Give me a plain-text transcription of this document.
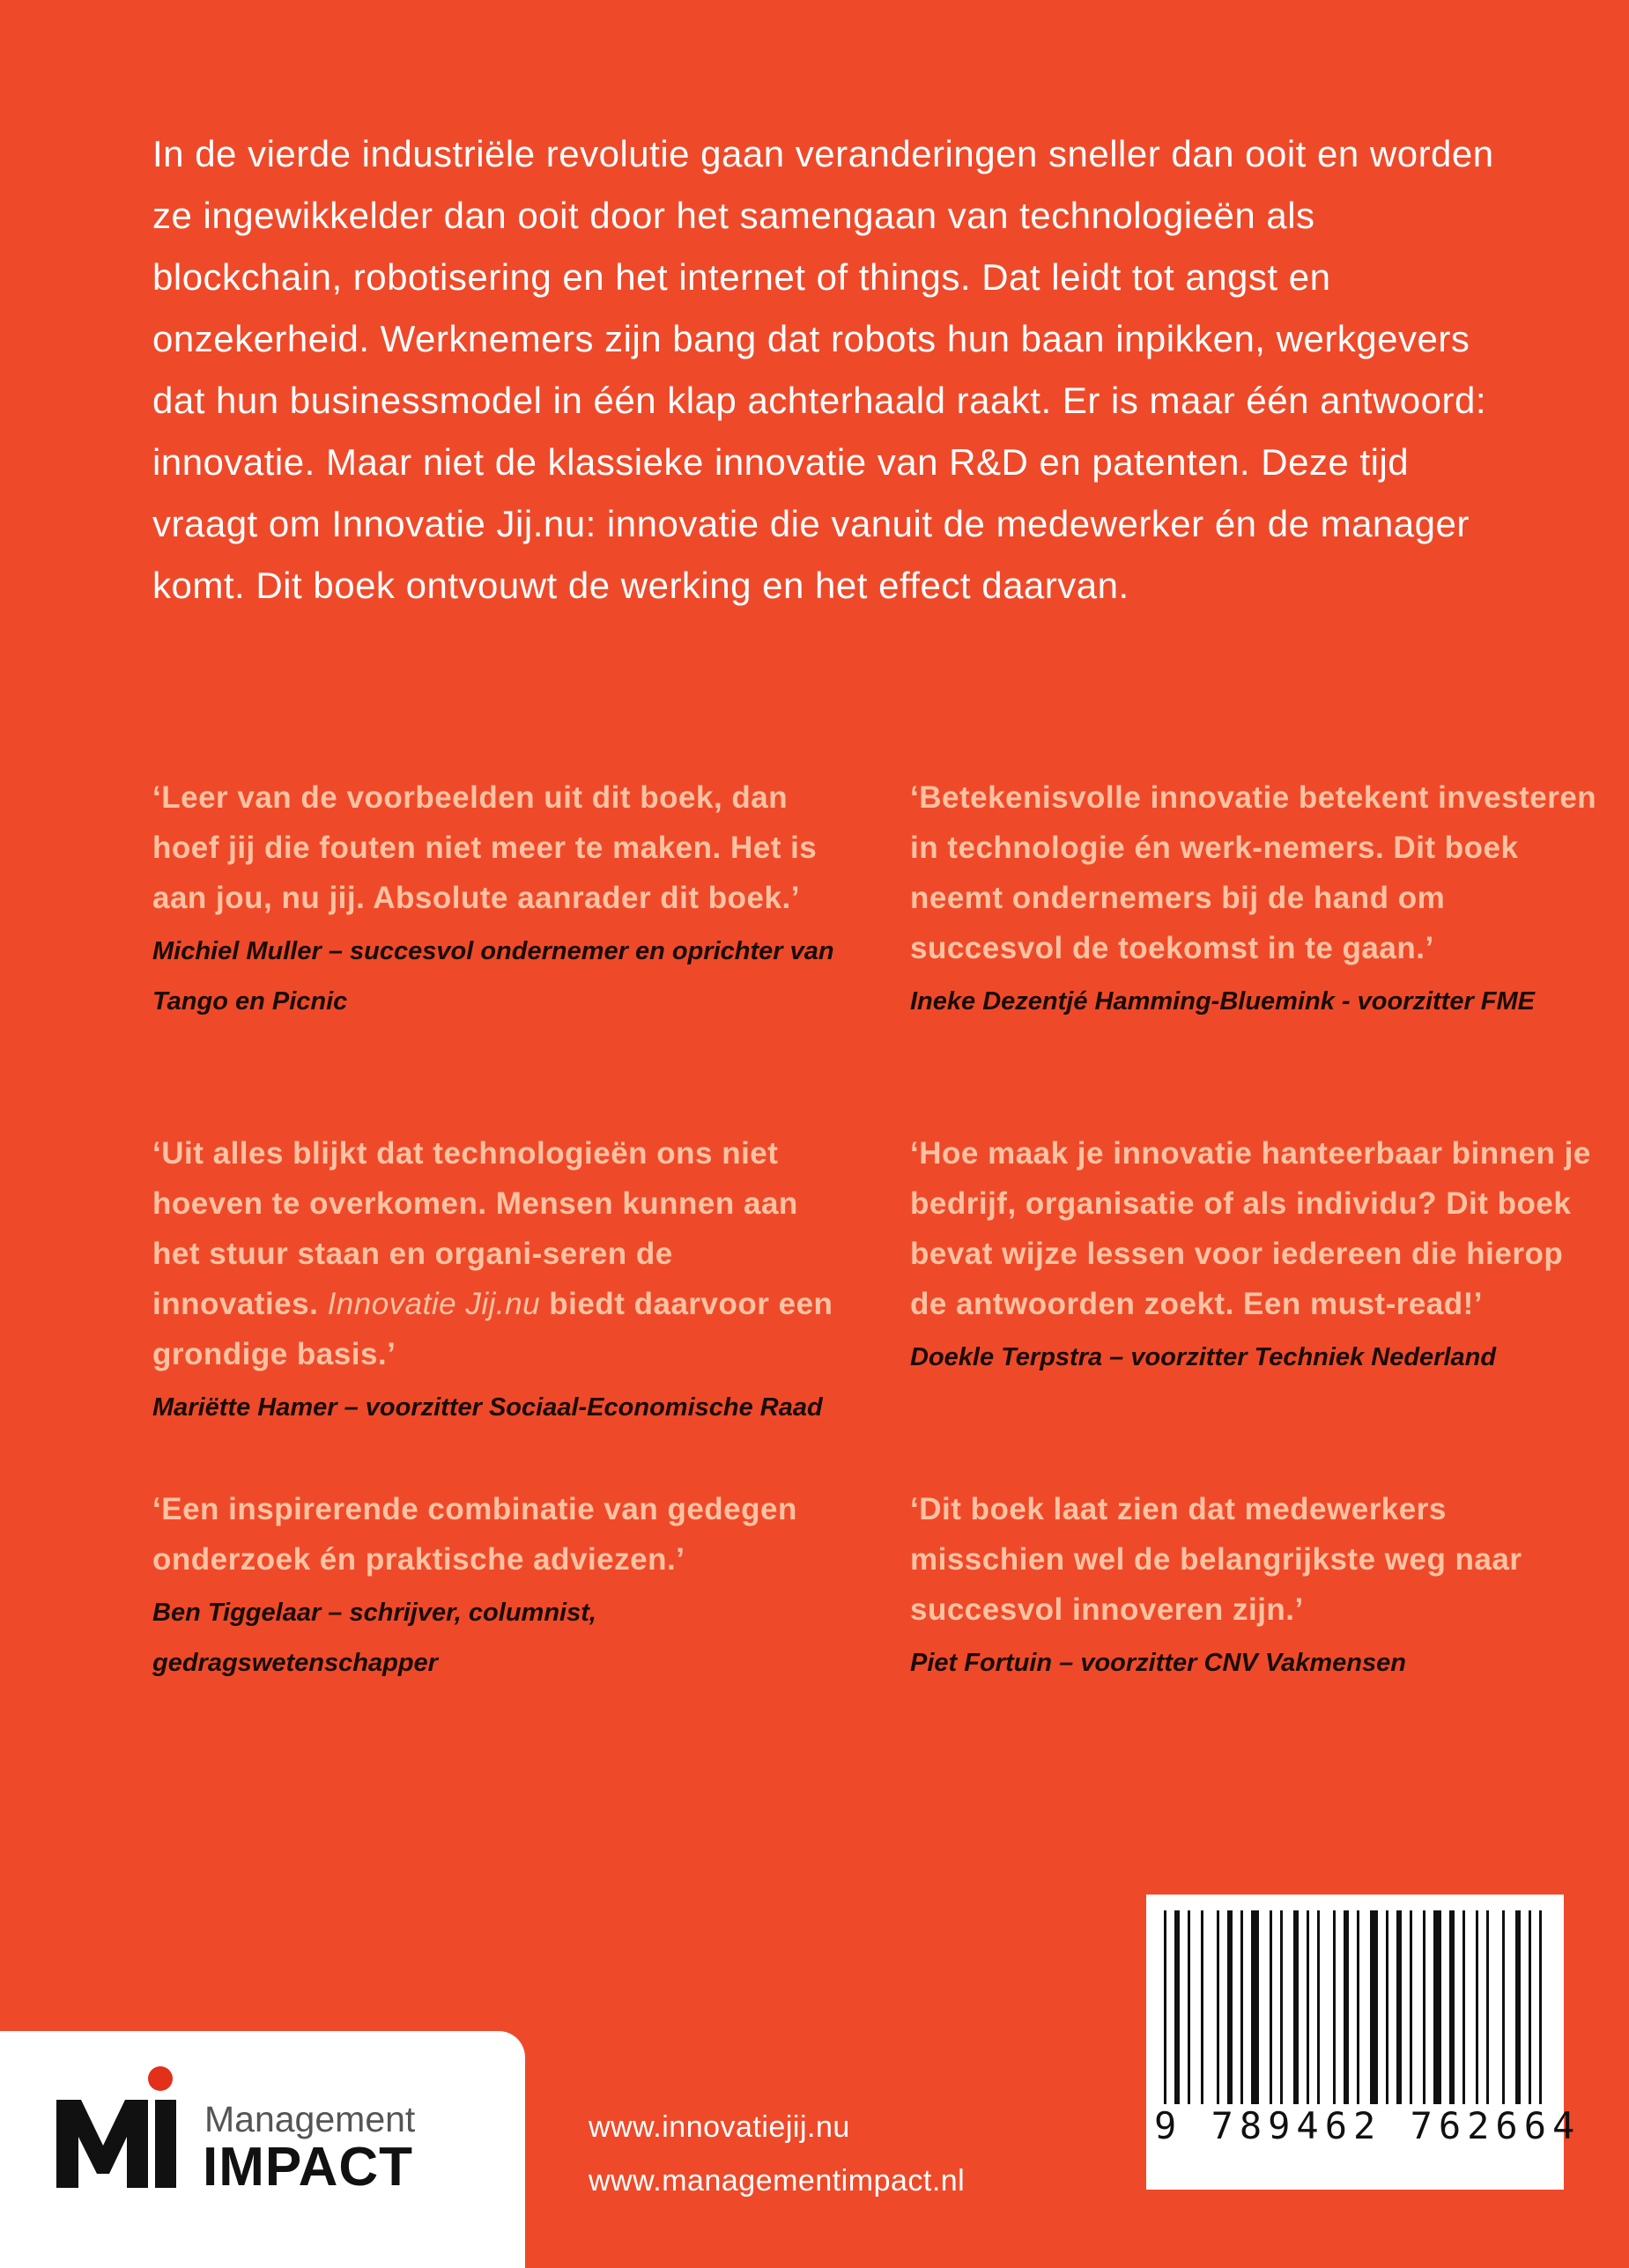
In de vierde industriële revolutie gaan veranderingen sneller dan ooit en worden ze ingewikkelder dan ooit door het samengaan van technologieën als blockchain, robotisering en het internet of things. Dat leidt tot angst en onzekerheid. Werknemers zijn bang dat robots hun baan inpikken, werkgevers dat hun businessmodel in één klap achterhaald raakt. Er is maar één antwoord: innovatie. Maar niet de klassieke innovatie van R&D en patenten. Deze tijd vraagt om Innovatie Jij.nu: innovatie die vanuit de medewerker én de manager komt. Dit boek ontvouwt de werking en het effect daarvan.

‘Leer van de voorbeelden uit dit boek, dan hoef jij die fouten niet meer te maken. Het is aan jou, nu jij. Absolute aanrader dit boek.’

Michiel Muller – succesvol ondernemer en oprichter van Tango en Picnic

‘Betekenisvolle innovatie betekent investeren in technologie én werk-nemers. Dit boek neemt ondernemers bij de hand om succesvol de toekomst in te gaan.’

Ineke Dezentjé Hamming-Bluemink - voorzitter FME

‘Uit alles blijkt dat technologieën ons niet hoeven te overkomen. Mensen kunnen aan het stuur staan en organi-seren de innovaties. Innovatie Jij.nu biedt daarvoor een grondige basis.’

Mariëtte Hamer – voorzitter Sociaal-Economische Raad

‘Hoe maak je innovatie hanteerbaar binnen je bedrijf, organisatie of als individu? Dit boek bevat wijze lessen voor iedereen die hierop de antwoorden zoekt. Een must-read!’

Doekle Terpstra – voorzitter Techniek Nederland

‘Een inspirerende combinatie van gedegen onderzoek én praktische adviezen.’

Ben Tiggelaar – schrijver, columnist, gedragswetenschapper

‘Dit boek laat zien dat medewerkers misschien wel de belangrijkste weg naar succesvol innoveren zijn.’

Piet Fortuin – voorzitter CNV Vakmensen

Management
IMPACT
www.innovatiejij.nu
www.managementimpact.nl
9 789462 762664
